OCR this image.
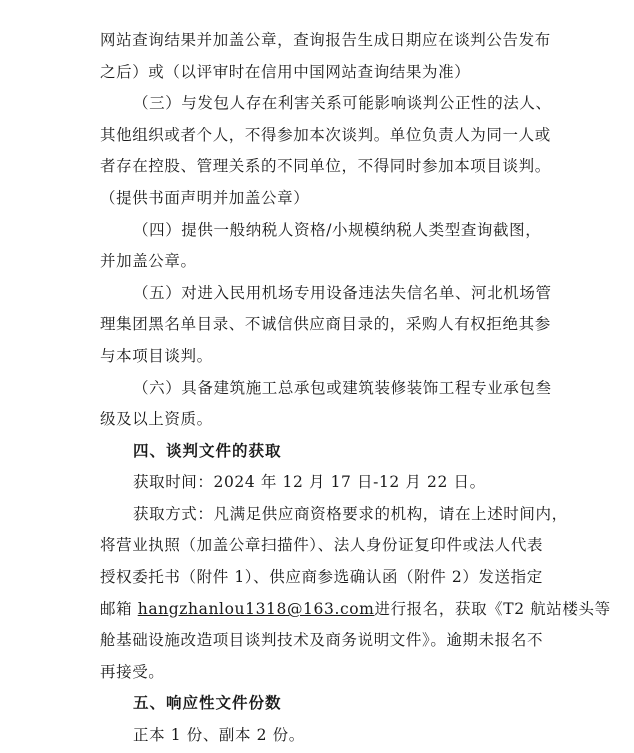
网站查询结果并加盖公章，查询报告生成日期应在谈判公告发布
之后）或（以评审时在信用中国网站查询结果为准）
（三）与发包人存在利害关系可能影响谈判公正性的法人、
其他组织或者个人，不得参加本次谈判。单位负责人为同一人或
者存在控股、管理关系的不同单位，不得同时参加本项目谈判。
（提供书面声明并加盖公章）
（四）提供一般纳税人资格/小规模纳税人类型查询截图，
并加盖公章。
（五）对进入民用机场专用设备违法失信名单、河北机场管
理集团黑名单目录、不诚信供应商目录的，采购人有权拒绝其参
与本项目谈判。
（六）具备建筑施工总承包或建筑装修装饰工程专业承包叁
级及以上资质。
四、谈判文件的获取
获取时间：2024 年 12 月 17 日-12 月 22 日。
获取方式：凡满足供应商资格要求的机构，请在上述时间内，
将营业执照（加盖公章扫描件）、法人身份证复印件或法人代表
授权委托书（附件 1）、供应商参选确认函（附件 2）发送指定
邮箱 hangzhanlou1318@163.com进行报名，获取《T2 航站楼头等
舱基础设施改造项目谈判技术及商务说明文件》。逾期未报名不
再接受。
五、响应性文件份数
正本 1 份、副本 2 份。
